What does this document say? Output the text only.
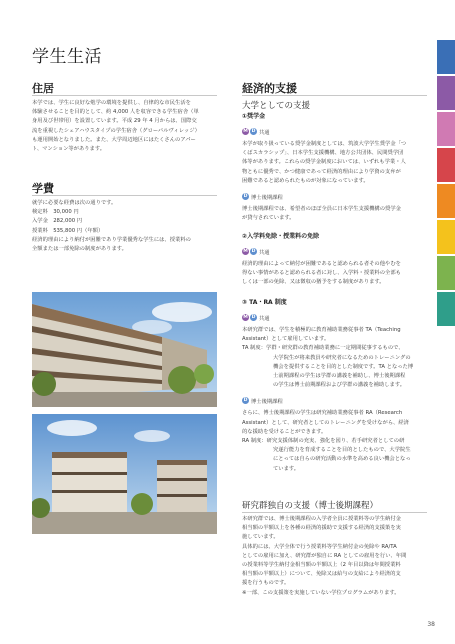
学生生活
住居

本学では、学生に良好な勉学の環境を提供し、自律的な市民生活を

体験させることを目的として、約 4,000 人を収容できる学生宿舎（単

身用及び世帯用）を設置しています。平成 29 年 4 月からは、国際交

流を重視したシェアハウスタイプの学生宿舎（グローバルヴィレッジ）

も運用開始となりました。また、大学周辺地区にはたくさんのアパー

ト、マンション等があります。

学費

就学に必要な経費は次の通りです。

検定料　30,000 円

入学金　282,000 円

授業料　535,800 円（年額）

経済的理由により納付が困難であり学業優秀な学生には、授業料の

全額または一部免除の制度があります。

経済的支援
大学としての支援
①奨学金
M D 共通

本学が取り扱っている奨学金制度としては、筑波大学学生奨学金「つ

くばスカラシップ」、日本学生支援機構、地方公共団体、民間奨学団

体等があります。これらの奨学金制度においては、いずれも学業・人

物ともに優秀で、かつ健康であって経済的理由により学資の支弁が

困難であると認められたものが対象になっています。

D 博士後期課程

博士後期課程では、希望者のほぼ全員に日本学生支援機構の奨学金

が貸与されています。

②入学料免除・授業料の免除
M D 共通

経済的理由によって納付が困難であると認められる者その他やむを

得ない事情があると認められる者に対し、入学料・授業料の全部も

しくは一部の免除、又は徴収の猶予をする制度があります。

③ TA・RA 制度
M D 共通

本研究群では、学生を積極的に教育補助業務従事者 TA（Teaching

Assistant）として雇用しています。

TA 制度：学群・研究群の教育補助業務に一定期間従事するもので、

大学院生が将来教員や研究者になるためのトレーニングの

機会を提供することを目的とした制度です。TA となった博

士前期課程の学生は学群の講義を補助し、博士後期課程

の学生は博士前期課程および学群の講義を補助します。

D 博士後期課程

さらに、博士後期課程の学生は研究補助業務従事者 RA（Research

Assistant）として、研究者としてのトレーニングを受けながら、経済

的な援助を受けることができます。

RA 制度：研究支援体制の充実、強化を図り、若手研究者としての研

究遂行能力を育成することを目的としたもので、大学院生

にとっては自らの研究活動の水準を高める良い機会となっ

ています。

研究群独自の支援（博士後期課程）

本研究群では、博士後期課程の入学者全員に授業料等の学生納付金

相当額の半額以上を各種の経済的援助で支援する経済的支援策を実

施しています。

具体的には、大学全体で行う授業料等学生納付金の免除や RA/TA

としての雇用に加え、研究群が独自に RA としての雇用を行い、年間

の授業料等学生納付金相当額の半額以上（2 年目以降は年間授業料

相当額の半額以上）について、免除又は給与の支給により経済的支

援を行うものです。

※一部、この支援策を実施していない学位プログラムがあります。

38
